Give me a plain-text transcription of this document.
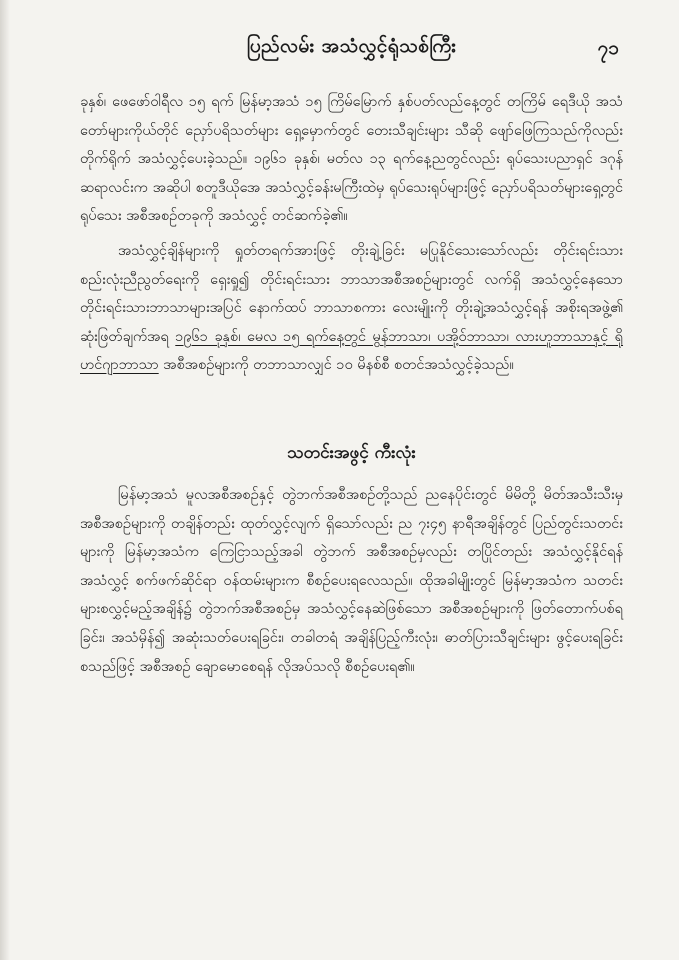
ပြည်လမ်း အသံလွှင့်ရုံသစ်ကြီး	၇၁

ခုနှစ်၊ ဖေဖော်ဝါရီလ ၁၅ ရက် မြန်မာ့အသံ ၁၅ ကြိမ်မြောက် နှစ်ပတ်လည်နေ့တွင် တကြိမ် ရေဒီယို အသံတော်များကိုယ်တိုင် ညှော်ပရိသတ်များ ရှေ့မှောက်တွင် တေးသီချင်းများ သီဆို ဖျော်ဖြေကြသည်ကိုလည်း တိုက်ရိုက် အသံလွှင့်ပေးခဲ့သည်။ ၁၉၆၁ ခုနှစ်၊ မတ်လ ၁၃ ရက်နေ့ညတွင်လည်း ရုပ်သေးပညာရှင် ဒဂုန်ဆရာလင်းက အဆိုပါ စတူဒီယိုအေ အသံလွှင့်ခန်းမကြီးထဲမှ ရုပ်သေးရုပ်များဖြင့် ညှော်ပရိသတ်များရှေ့တွင် ရုပ်သေး အစီအစဉ်တခုကို အသံလွှင့် တင်ဆက်ခဲ့၏။

အသံလွှင့်ချိန်များကို ရှုတ်တရက်အားဖြင့် တိုးချဲ့ခြင်း မပြုနိုင်သေးသော်လည်း တိုင်းရင်းသား စည်းလုံးညီညွတ်ရေးကို ရှေးရှု၍ တိုင်းရင်းသား ဘာသာအစီအစဉ်များတွင် လက်ရှိ အသံလွှင့်နေသော တိုင်းရင်းသားဘာသာများအပြင် နောက်ထပ် ဘာသာစကား လေးမျိုးကို တိုးချဲ့အသံလွှင့်ရန် အစိုးရအဖွဲ့၏ ဆုံးဖြတ်ချက်အရ ၁၉၆၁ ခုနှစ်၊ မေလ ၁၅ ရက်နေ့တွင် မွန်ဘာသာ၊ ပအို့ဝ်ဘာသာ၊ လားဟူဘာသာနှင့် ရိုဟင်ဂျာဘာသာ အစီအစဉ်များကို တဘာသာလျှင် ၁၀ မိနစ်စီ စတင်အသံလွှင့်ခဲ့သည်။

သတင်းအဖွင့် ကီးလုံး

မြန်မာ့အသံ မူလအစီအစဉ်နှင့် တွဲဘက်အစီအစဉ်တို့သည် ညနေပိုင်းတွင် မိမိတို့ မိတ်အသီးသီးမှ အစီအစဉ်များကို တချိန်တည်း ထုတ်လွှင့်လျက် ရှိသော်လည်း ည ၇း၄၅ နာရီအချိန်တွင် ပြည်တွင်းသတင်းများကို မြန်မာ့အသံက ကြေငြာသည့်အခါ တွဲဘက် အစီအစဉ်မှလည်း တပြိုင်တည်း အသံလွှင့်နိုင်ရန် အသံလွှင့် စက်ဖက်ဆိုင်ရာ ဝန်ထမ်းများက စီစဉ်ပေးရလေသည်။ ထိုအခါမျိုးတွင် မြန်မာ့အသံက သတင်းများစလွှင့်မည့်အချိန်၌ တွဲဘက်အစီအစဉ်မှ အသံလွှင့်နေဆဲဖြစ်သော အစီအစဉ်များကို ဖြတ်တောက်ပစ်ရခြင်း၊ အသံမှိန်၍ အဆုံးသတ်ပေးရခြင်း၊ တခါတရံ အချိန်ပြည့်ကီးလုံး၊ ဓာတ်ပြားသီချင်းများ ဖွင့်ပေးရခြင်း စသည်ဖြင့် အစီအစဉ် ချောမောစေရန် လိုအပ်သလို စီစဉ်ပေးရ၏။
